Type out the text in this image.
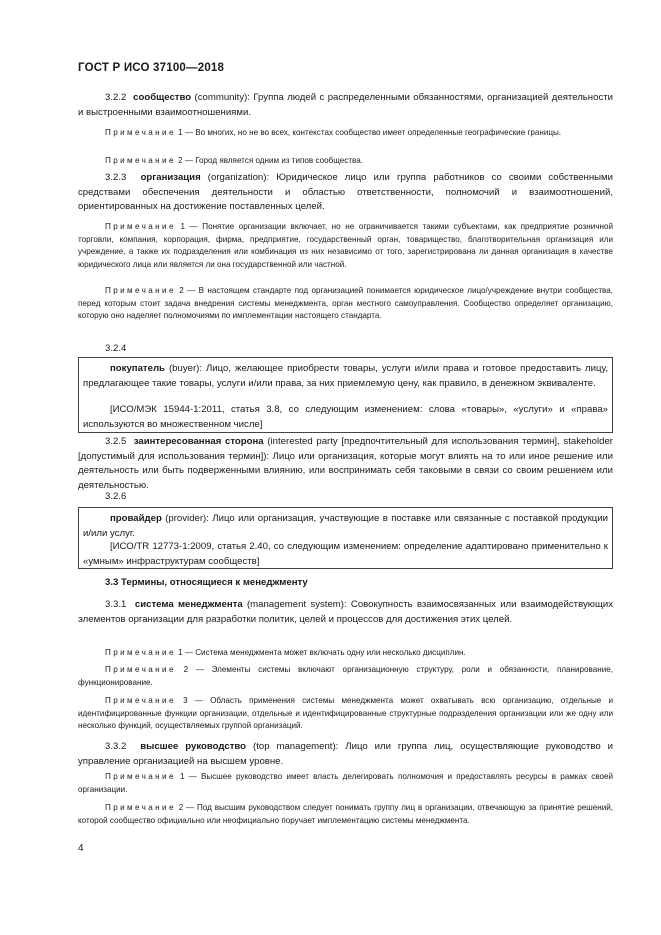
ГОСТ Р ИСО 37100—2018
3.2.2 сообщество (community): Группа людей с распределенными обязанностями, организацией деятельности и выстроенными взаимоотношениями.
Примечание 1 — Во многих, но не во всех, контекстах сообщество имеет определенные географические границы.
Примечание 2 — Город является одним из типов сообщества.
3.2.3 организация (organization): Юридическое лицо или группа работников со своими собственными средствами обеспечения деятельности и областью ответственности, полномочий и взаимоотношений, ориентированных на достижение поставленных целей.
Примечание 1 — Понятие организации включает, но не ограничивается такими субъектами, как предприятие розничной торговли, компания, корпорация, фирма, предприятие, государственный орган, товарищество, благотворительная организация или учреждение, а также их подразделения или комбинация из них независимо от того, зарегистрирована ли данная организация в качестве юридического лица или является ли она государственной или частной.
Примечание 2 — В настоящем стандарте под организацией понимается юридическое лицо/учреждение внутри сообщества, перед которым стоит задача внедрения системы менеджмента, орган местного самоуправления. Сообщество определяет организацию, которую оно наделяет полномочиями по имплементации настоящего стандарта.
3.2.4
покупатель (buyer): Лицо, желающее приобрести товары, услуги и/или права и готовое предоставить лицу, предлагающее такие товары, услуги и/или права, за них приемлемую цену, как правило, в денежном эквиваленте.
[ИСО/МЭК 15944-1:2011, статья 3.8, со следующим изменением: слова «товары», «услуги» и «права» используются во множественном числе]
3.2.5 заинтересованная сторона (interested party [предпочтительный для использования термин], stakeholder [допустимый для использования термин]): Лицо или организация, которые могут влиять на то или иное решение или деятельность или быть подверженными влиянию, или воспринимать себя таковыми в связи со своим решением или деятельностью.
3.2.6
провайдер (provider): Лицо или организация, участвующие в поставке или связанные с поставкой продукции и/или услуг.
[ИСО/TR 12773-1:2009, статья 2.40, со следующим изменением: определение адаптировано применительно к «умным» инфраструктурам сообществ]
3.3 Термины, относящиеся к менеджменту
3.3.1 система менеджмента (management system): Совокупность взаимосвязанных или взаимодействующих элементов организации для разработки политик, целей и процессов для достижения этих целей.
Примечание 1 — Система менеджмента может включать одну или несколько дисциплин.
Примечание 2 — Элементы системы включают организационную структуру, роли и обязанности, планирование, функционирование.
Примечание 3 — Область применения системы менеджмента может охватывать всю организацию, отдельные и идентифицированные функции организации, отдельные и идентифицированные структурные подразделения организации или же одну или несколько функций, осуществляемых группой организаций.
3.3.2 высшее руководство (top management): Лицо или группа лиц, осуществляющие руководство и управление организацией на высшем уровне.
Примечание 1 — Высшее руководство имеет власть делегировать полномочия и предоставлять ресурсы в рамках своей организации.
Примечание 2 — Под высшим руководством следует понимать группу лиц в организации, отвечающую за принятие решений, которой сообщество официально или неофициально поручает имплементацию системы менеджмента.
4
